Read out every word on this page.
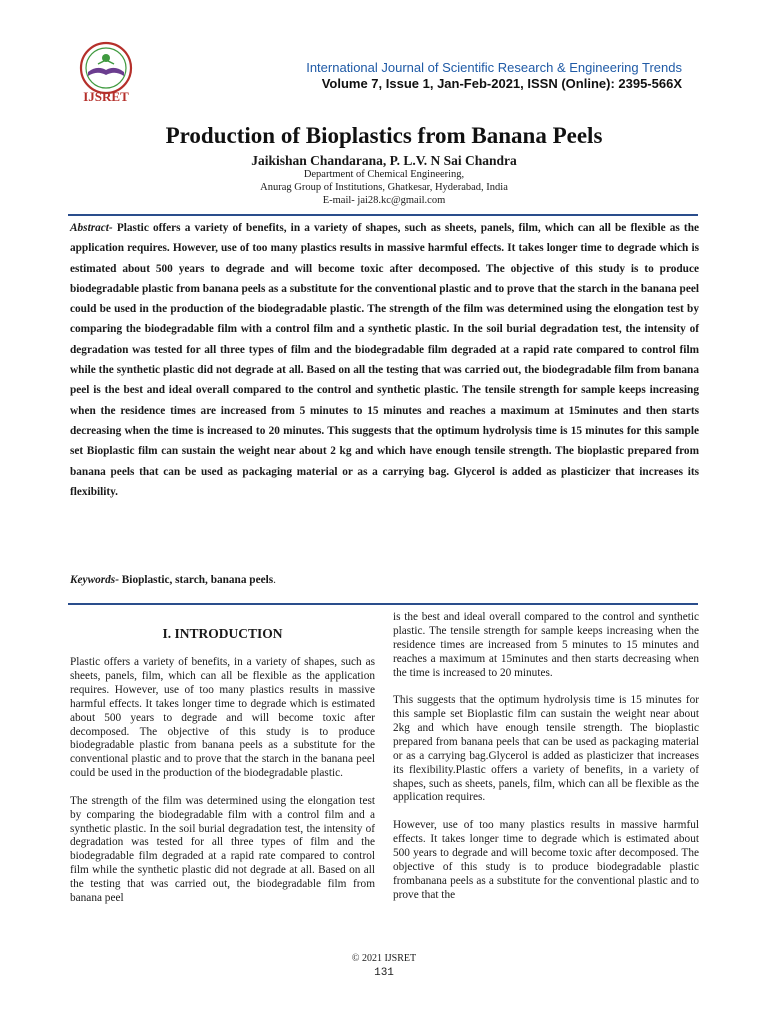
IJSRET
International Journal of Scientific Research & Engineering Trends
Volume 7, Issue 1, Jan-Feb-2021, ISSN (Online): 2395-566X
Production of Bioplastics from Banana Peels
Jaikishan Chandarana, P. L.V. N Sai Chandra
Department of Chemical Engineering,
Anurag Group of Institutions, Ghatkesar, Hyderabad, India
E-mail- jai28.kc@gmail.com

Abstract- Plastic offers a variety of benefits, in a variety of shapes, such as sheets, panels, film, which can all be flexible as the application requires. However, use of too many plastics results in massive harmful effects. It takes longer time to degrade which is estimated about 500 years to degrade and will become toxic after decomposed. The objective of this study is to produce biodegradable plastic from banana peels as a substitute for the conventional plastic and to prove that the starch in the banana peel could be used in the production of the biodegradable plastic. The strength of the film was determined using the elongation test by comparing the biodegradable film with a control film and a synthetic plastic. In the soil burial degradation test, the intensity of degradation was tested for all three types of film and the biodegradable film degraded at a rapid rate compared to control film while the synthetic plastic did not degrade at all. Based on all the testing that was carried out, the biodegradable film from banana peel is the best and ideal overall compared to the control and synthetic plastic. The tensile strength for sample keeps increasing when the residence times are increased from 5 minutes to 15 minutes and reaches a maximum at 15minutes and then starts decreasing when the time is increased to 20 minutes. This suggests that the optimum hydrolysis time is 15 minutes for this sample set Bioplastic film can sustain the weight near about 2 kg and which have enough tensile strength. The bioplastic prepared from banana peels that can be used as packaging material or as a carrying bag. Glycerol is added as plasticizer that increases its flexibility.

Keywords- Bioplastic, starch, banana peels.
I. INTRODUCTION

Plastic offers a variety of benefits, in a variety of shapes, such as sheets, panels, film, which can all be flexible as the application requires. However, use of too many plastics results in massive harmful effects. It takes longer time to degrade which is estimated about 500 years to degrade and will become toxic after decomposed. The objective of this study is to produce biodegradable plastic from banana peels as a substitute for the conventional plastic and to prove that the starch in the banana peel could be used in the production of the biodegradable plastic.

The strength of the film was determined using the elongation test by comparing the biodegradable film with a control film and a synthetic plastic. In the soil burial degradation test, the intensity of degradation was tested for all three types of film and the biodegradable film degraded at a rapid rate compared to control film while the synthetic plastic did not degrade at all. Based on all the testing that was carried out, the biodegradable film from banana peel

is the best and ideal overall compared to the control and synthetic plastic. The tensile strength for sample keeps increasing when the residence times are increased from 5 minutes to 15 minutes and reaches a maximum at 15minutes and then starts decreasing when the time is increased to 20 minutes.

This suggests that the optimum hydrolysis time is 15 minutes for this sample set Bioplastic film can sustain the weight near about 2kg and which have enough tensile strength. The bioplastic prepared from banana peels that can be used as packaging material or as a carrying bag.Glycerol is added as plasticizer that increases its flexibility.Plastic offers a variety of benefits, in a variety of shapes, such as sheets, panels, film, which can all be flexible as the application requires.

However, use of too many plastics results in massive harmful effects. It takes longer time to degrade which is estimated about 500 years to degrade and will become toxic after decomposed. The objective of this study is to produce biodegradable plastic frombanana peels as a substitute for the conventional plastic and to prove that the

© 2021 IJSRET
131
